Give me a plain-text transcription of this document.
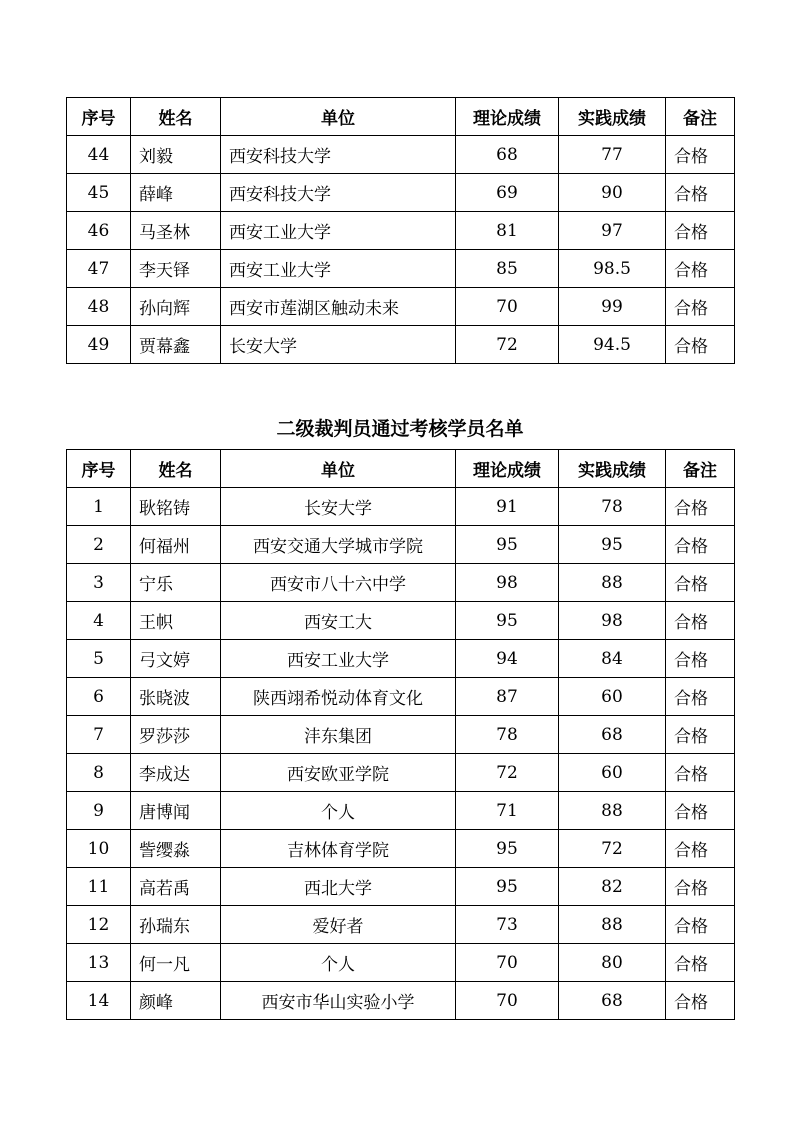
序号	姓名	单位	理论成绩	实践成绩	备注
44	刘毅	西安科技大学	68	77	合格
45	薛峰	西安科技大学	69	90	合格
46	马圣林	西安工业大学	81	97	合格
47	李天铎	西安工业大学	85	98.5	合格
48	孙向辉	西安市莲湖区触动未来	70	99	合格
49	贾幕鑫	长安大学	72	94.5	合格
二级裁判员通过考核学员名单
序号	姓名	单位	理论成绩	实践成绩	备注
1	耿铭铸	长安大学	91	78	合格
2	何福州	西安交通大学城市学院	95	95	合格
3	宁乐	西安市八十六中学	98	88	合格
4	王帜	西安工大	95	98	合格
5	弓文婷	西安工业大学	94	84	合格
6	张晓波	陕西翊希悦动体育文化	87	60	合格
7	罗莎莎	沣东集团	78	68	合格
8	李成达	西安欧亚学院	72	60	合格
9	唐博闻	个人	71	88	合格
10	訾缨淼	吉林体育学院	95	72	合格
11	高若禹	西北大学	95	82	合格
12	孙瑞东	爱好者	73	88	合格
13	何一凡	个人	70	80	合格
14	颜峰	西安市华山实验小学	70	68	合格
